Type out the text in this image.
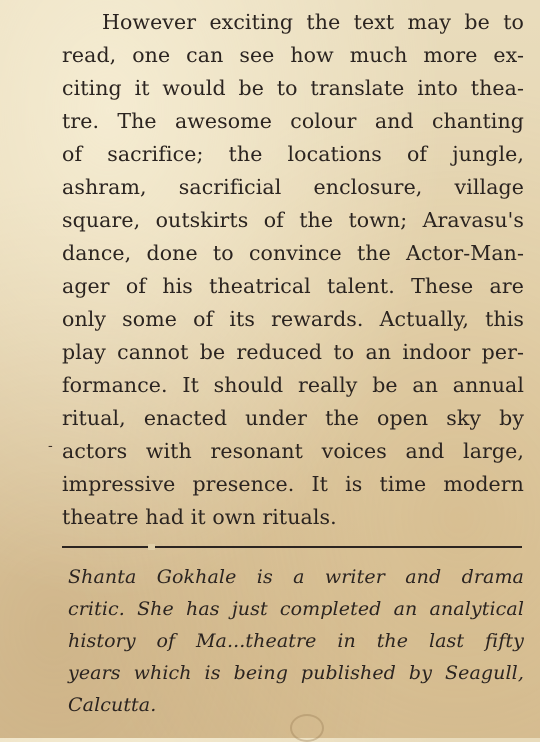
However exciting the text may be to
read, one can see how much more ex-
citing it would be to translate into thea-
tre. The awesome colour and chanting
of sacrifice; the locations of jungle,
ashram, sacrificial enclosure, village
square, outskirts of the town; Aravasu's
dance, done to convince the Actor-Man-
ager of his theatrical talent. These are
only some of its rewards. Actually, this
play cannot be reduced to an indoor per-
formance. It should really be an annual
ritual, enacted under the open sky by
actors with resonant voices and large,
impressive presence. It is time modern
theatre had it own rituals.
-
Shanta Gokhale is a writer and drama
critic. She has just completed an analytical
history of Ma...theatre in the last fifty
years which is being published by Seagull,
Calcutta.
